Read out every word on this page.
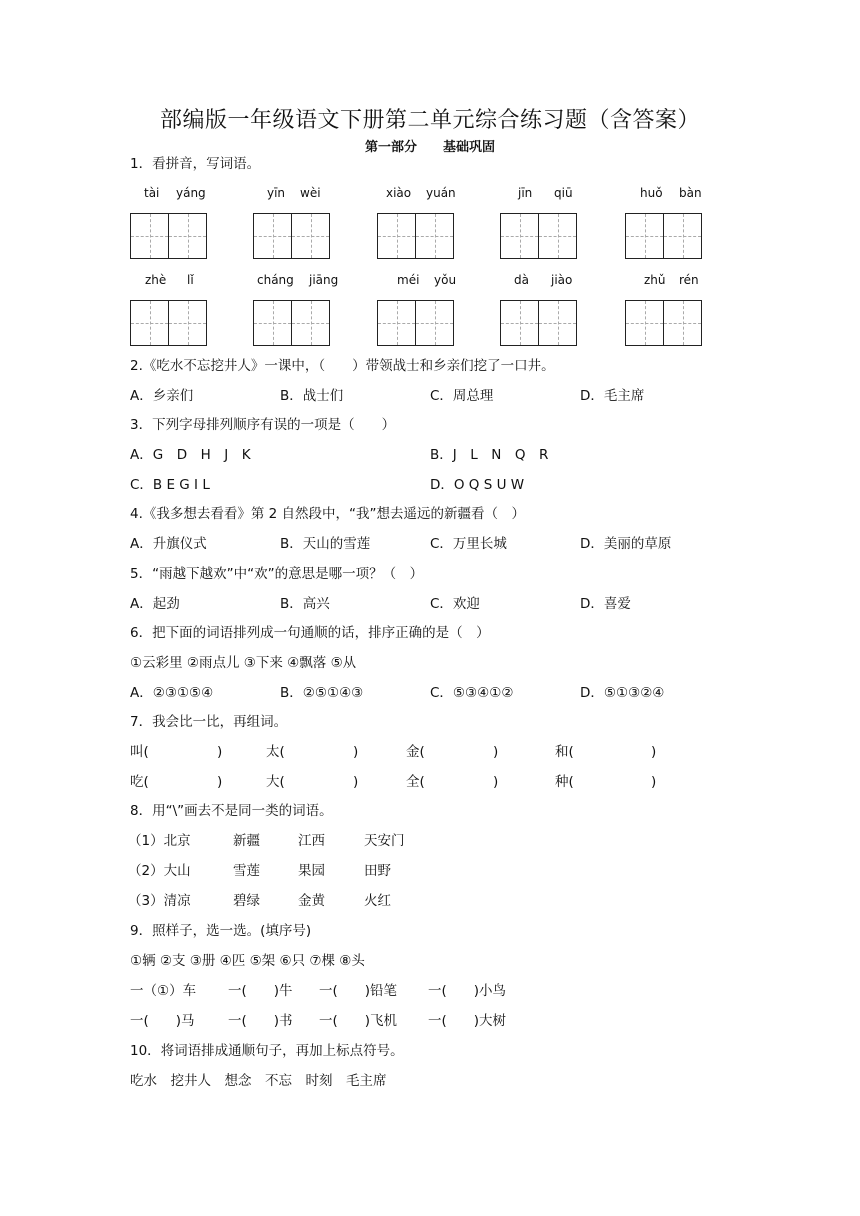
部编版一年级语文下册第二单元综合练习题（含答案）
第一部分　　基础巩固
1．看拼音，写词语。
tài yáng	yīn wèi	xiào yuán	jīn qiū	huǒ bàn
zhè lǐ	cháng jiāng	méi yǒu	dà jiào	zhǔ rén
2.《吃水不忘挖井人》一课中，（　　）带领战士和乡亲们挖了一口井。
A．乡亲们	B．战士们	C．周总理	D．毛主席
3．下列字母排列顺序有误的一项是（　　）
A．G　D　H　J　K	B．J　L　N　Q　R
C．B E G I L	D．O Q S U W
4.《我多想去看看》第 2 自然段中，“我”想去遥远的新疆看（　）
A．升旗仪式	B．天山的雪莲	C．万里长城	D．美丽的草原
5．“雨越下越欢”中“欢”的意思是哪一项？（　）
A．起劲	B．高兴	C．欢迎	D．喜爱
6．把下面的词语排列成一句通顺的话，排序正确的是（　）
①云彩里 ②雨点儿 ③下来 ④飘落 ⑤从
A．②③①⑤④	B．②⑤①④③	C．⑤③④①②	D．⑤①③②④
7．我会比一比，再组词。
叫(	)	太(	)	金(	)	和(	)
吃(	)	大(	)	全(	)	种(	)
8．用“\”画去不是同一类的词语。
（1）北京	新疆	江西	天安门
（2）大山	雪莲	果园	田野
（3）清凉	碧绿	金黄	火红
9．照样子，选一选。(填序号)
①辆 ②支 ③册 ④匹 ⑤架 ⑥只 ⑦棵 ⑧头
一（①）车 一(　　)牛 一(　　)铅笔 一(　　)小鸟
一(　　)马 一(　　)书 一(　　)飞机 一(　　)大树
10．将词语排成通顺句子，再加上标点符号。
吃水　挖井人　想念　不忘　时刻　毛主席
